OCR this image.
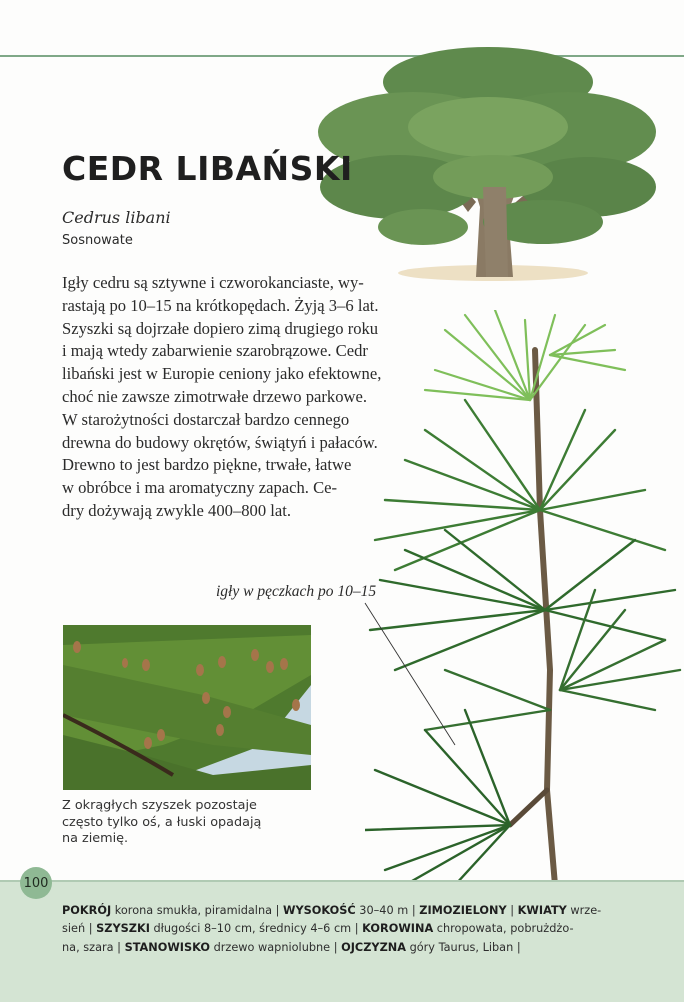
CEDR LIBAŃSKI
Cedrus libani
Sosnowate
Igły cedru są sztywne i czworokanciaste, wy-
rastają po 10–15 na krótkopędach. Żyją 3–6 lat.
Szyszki są dojrzałe dopiero zimą drugiego roku
i mają wtedy zabarwienie szarobrązowe. Cedr
libański jest w Europie ceniony jako efektowne,
choć nie zawsze zimotrwałe drzewo parkowe.
W starożytności dostarczał bardzo cennego
drewna do budowy okrętów, świątyń i pałaców.
Drewno to jest bardzo piękne, trwałe, łatwe
w obróbce i ma aromatyczny zapach. Ce-
dry dożywają zwykle 400–800 lat.
igły w pęczkach po 10–15
Z okrągłych szyszek pozostaje
często tylko oś, a łuski opadają
na ziemię.
100
POKRÓJ korona smukła, piramidalna | WYSOKOŚĆ 30–40 m | ZIMOZIELONY | KWIATY wrze-
sień | SZYSZKI długości 8–10 cm, średnicy 4–6 cm | KOROWINA chropowata, pobrużdżo-
na, szara | STANOWISKO drzewo wapniolubne | OJCZYZNA góry Taurus, Liban |
